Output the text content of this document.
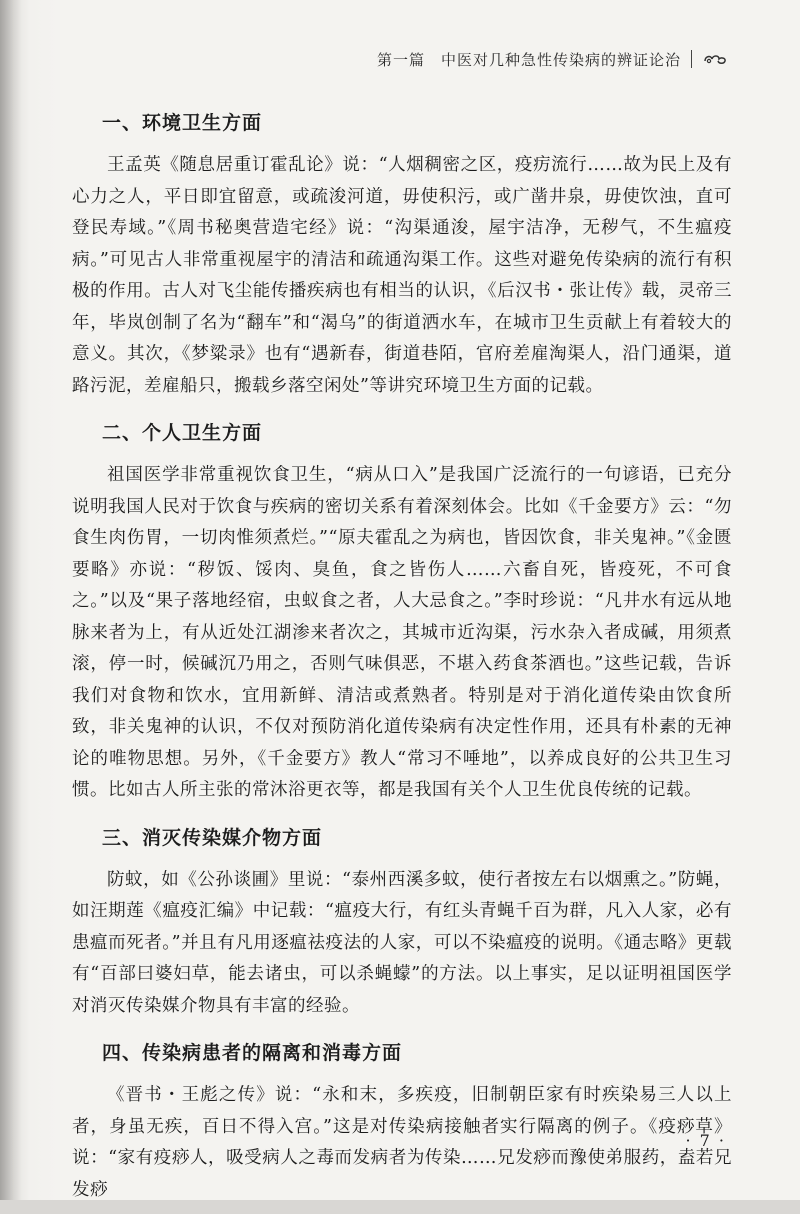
第一篇 中医对几种急性传染病的辨证论治
一、环境卫生方面

王孟英《随息居重订霍乱论》说：“人烟稠密之区，疫疠流行……故为民上及有心力之人，平日即宜留意，或疏浚河道，毋使积污，或广凿井泉，毋使饮浊，直可登民寿域。”《周书秘奥营造宅经》说：“沟渠通浚，屋宇洁净，无秽气，不生瘟疫病。”可见古人非常重视屋宇的清洁和疏通沟渠工作。这些对避免传染病的流行有积极的作用。古人对飞尘能传播疾病也有相当的认识，《后汉书・张让传》载，灵帝三年，毕岚创制了名为“翻车”和“渴乌”的街道洒水车，在城市卫生贡献上有着较大的意义。其次，《梦粱录》也有“遇新春，街道巷陌，官府差雇淘渠人，沿门通渠，道路污泥，差雇船只，搬载乡落空闲处”等讲究环境卫生方面的记载。

二、个人卫生方面

祖国医学非常重视饮食卫生，“病从口入”是我国广泛流行的一句谚语，已充分说明我国人民对于饮食与疾病的密切关系有着深刻体会。比如《千金要方》云：“勿食生肉伤胃，一切肉惟须煮烂。”“原夫霍乱之为病也，皆因饮食，非关鬼神。”《金匮要略》亦说：“秽饭、馁肉、臭鱼，食之皆伤人……六畜自死，皆疫死，不可食之。”以及“果子落地经宿，虫蚁食之者，人大忌食之。”李时珍说：“凡井水有远从地脉来者为上，有从近处江湖渗来者次之，其城市近沟渠，污水杂入者成碱，用须煮滚，停一时，候碱沉乃用之，否则气味俱恶，不堪入药食茶酒也。”这些记载，告诉我们对食物和饮水，宜用新鲜、清洁或煮熟者。特别是对于消化道传染由饮食所致，非关鬼神的认识，不仅对预防消化道传染病有决定性作用，还具有朴素的无神论的唯物思想。另外，《千金要方》教人“常习不唾地”，以养成良好的公共卫生习惯。比如古人所主张的常沐浴更衣等，都是我国有关个人卫生优良传统的记载。

三、消灭传染媒介物方面

防蚊，如《公孙谈圃》里说：“泰州西溪多蚊，使行者按左右以烟熏之。”防蝇，如汪期莲《瘟疫汇编》中记载：“瘟疫大行，有红头青蝇千百为群，凡入人家，必有患瘟而死者。”并且有凡用逐瘟祛疫法的人家，可以不染瘟疫的说明。《通志略》更载有“百部曰婆妇草，能去诸虫，可以杀蝇蠓”的方法。以上事实，足以证明祖国医学对消灭传染媒介物具有丰富的经验。

四、传染病患者的隔离和消毒方面

《晋书・王彪之传》说：“永和末，多疾疫，旧制朝臣家有时疾染易三人以上者，身虽无疾，百日不得入宫。”这是对传染病接触者实行隔离的例子。《疫痧草》说：“家有疫痧人，吸受病人之毒而发病者为传染……兄发痧而豫使弟服药，盍若兄发痧

· 7 ·
